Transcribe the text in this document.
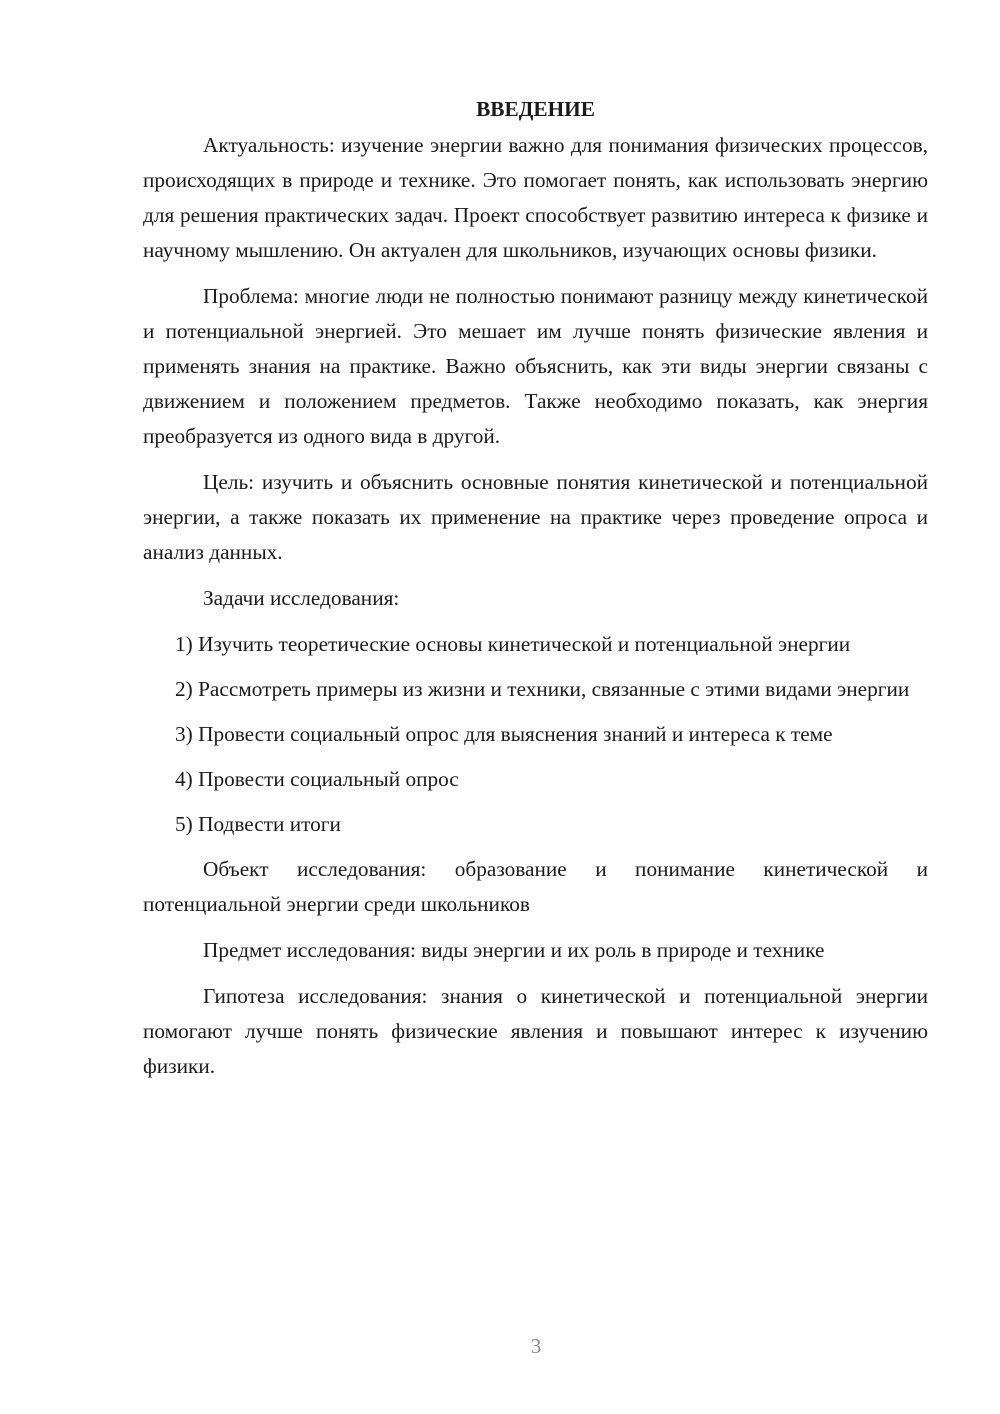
ВВЕДЕНИЕ

Актуальность: изучение энергии важно для понимания физических процессов, происходящих в природе и технике. Это помогает понять, как использовать энергию для решения практических задач. Проект способствует развитию интереса к физике и научному мышлению. Он актуален для школьников, изучающих основы физики.

Проблема: многие люди не полностью понимают разницу между кинетической и потенциальной энергией. Это мешает им лучше понять физические явления и применять знания на практике. Важно объяснить, как эти виды энергии связаны с движением и положением предметов. Также необходимо показать, как энергия преобразуется из одного вида в другой.

Цель: изучить и объяснить основные понятия кинетической и потенциальной энергии, а также показать их применение на практике через проведение опроса и анализ данных.

Задачи исследования:

1) Изучить теоретические основы кинетической и потенциальной энергии

2) Рассмотреть примеры из жизни и техники, связанные с этими видами энергии

3) Провести социальный опрос для выяснения знаний и интереса к теме

4) Провести социальный опрос

5) Подвести итоги

Объект исследования: образование и понимание кинетической и потенциальной энергии среди школьников

Предмет исследования: виды энергии и их роль в природе и технике

Гипотеза исследования: знания о кинетической и потенциальной энергии помогают лучше понять физические явления и повышают интерес к изучению физики.

3
